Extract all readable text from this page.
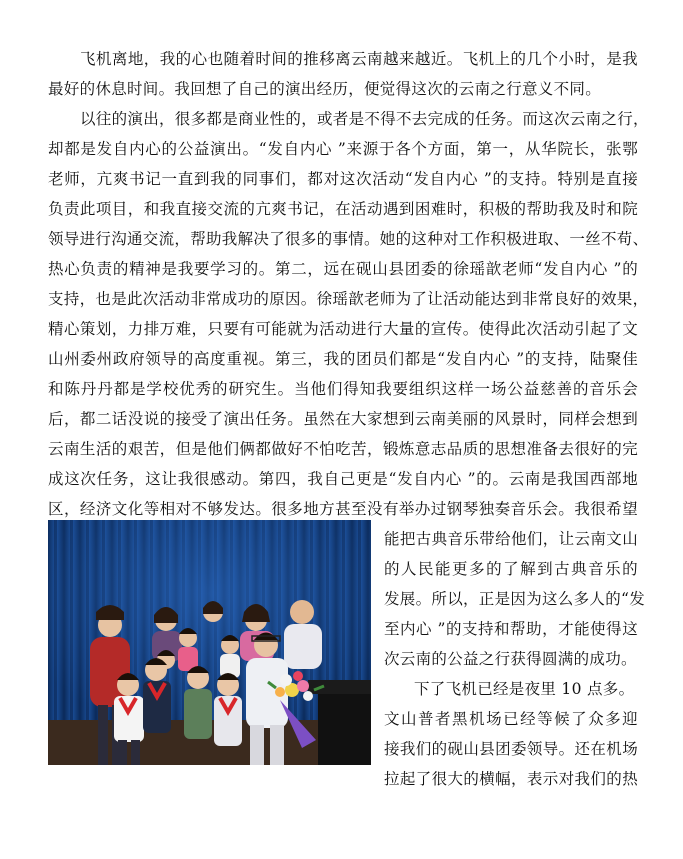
飞机离地，我的心也随着时间的推移离云南越来越近。飞机上的几个小时，是我
最好的休息时间。我回想了自己的演出经历，便觉得这次的云南之行意义不同。
以往的演出，很多都是商业性的，或者是不得不去完成的任务。而这次云南之行，
却都是发自内心的公益演出。“发自内心 ”来源于各个方面，第一，从华院长，张鄂
老师，亢爽书记一直到我的同事们，都对这次活动“发自内心 ”的支持。特别是直接
负责此项目，和我直接交流的亢爽书记，在活动遇到困难时，积极的帮助我及时和院
领导进行沟通交流，帮助我解决了很多的事情。她的这种对工作积极进取、一丝不苟、
热心负责的精神是我要学习的。第二，远在砚山县团委的徐瑶歆老师“发自内心 ”的
支持，也是此次活动非常成功的原因。徐瑶歆老师为了让活动能达到非常良好的效果，
精心策划，力排万难，只要有可能就为活动进行大量的宣传。使得此次活动引起了文
山州委州政府领导的高度重视。第三，我的团员们都是“发自内心 ”的支持，陆聚佳
和陈丹丹都是学校优秀的研究生。当他们得知我要组织这样一场公益慈善的音乐会
后，都二话没说的接受了演出任务。虽然在大家想到云南美丽的风景时，同样会想到
云南生活的艰苦，但是他们俩都做好不怕吃苦，锻炼意志品质的思想准备去很好的完
成这次任务，这让我很感动。第四，我自己更是“发自内心 ”的。云南是我国西部地
区，经济文化等相对不够发达。很多地方甚至没有举办过钢琴独奏音乐会。我很希望
能把古典音乐带给他们，让云南文山
的人民能更多的了解到古典音乐的
发展。所以，正是因为这么多人的“发
至内心 ”的支持和帮助，才能使得这
次云南的公益之行获得圆满的成功。
下了飞机已经是夜里 10 点多。
文山普者黑机场已经等候了众多迎
接我们的砚山县团委领导。还在机场
拉起了很大的横幅，表示对我们的热
